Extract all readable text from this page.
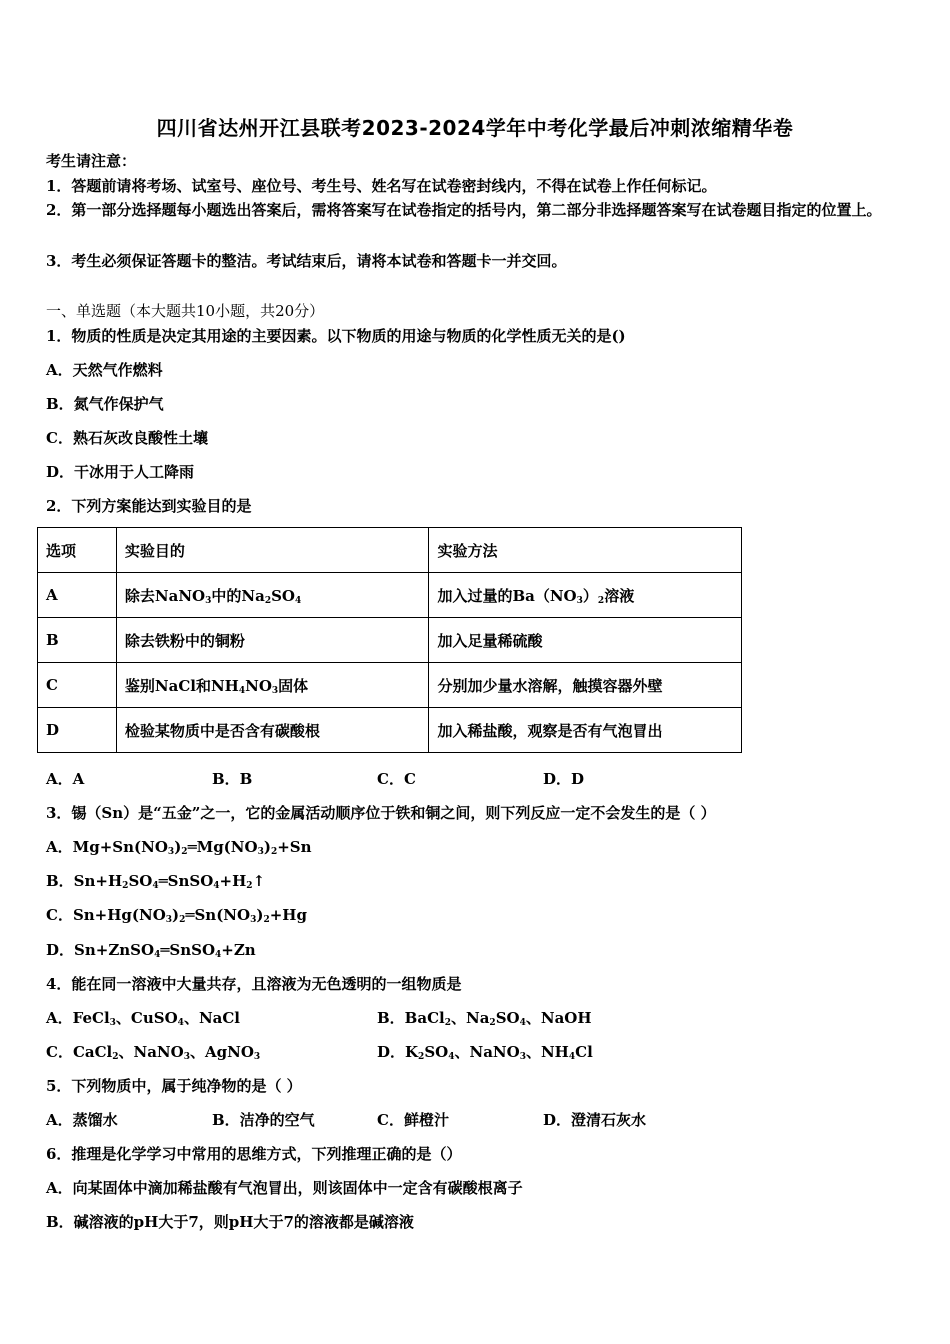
四川省达州开江县联考2023-2024学年中考化学最后冲刺浓缩精华卷
考生请注意：
1．答题前请将考场、试室号、座位号、考生号、姓名写在试卷密封线内，不得在试卷上作任何标记。
2．第一部分选择题每小题选出答案后，需将答案写在试卷指定的括号内，第二部分非选择题答案写在试卷题目指定的位置上。
3．考生必须保证答题卡的整洁。考试结束后，请将本试卷和答题卡一并交回。
一、单选题（本大题共10小题，共20分）
1．物质的性质是决定其用途的主要因素。以下物质的用途与物质的化学性质无关的是()
A．天然气作燃料
B．氮气作保护气
C．熟石灰改良酸性土壤
D．干冰用于人工降雨
2．下列方案能达到实验目的是
选项	实验目的	实验方法
A	除去NaNO$_3$中的$Na_2SO_4$	加入过量的$Ba(NO_3)_2$溶液
B	除去铁粉中的铜粉	加入足量稀硫酸
C	鉴别NaCl和$NH_4NO_3$固体	分别加少量水溶解，触摸容器外壁
D	检验某物质中是否含有碳酸根	加入稀盐酸，观察是否有气泡冒出
A．A	B．B	C．C	D．D
3．锡（Sn）是“五金”之一，它的金属活动顺序位于铁和铜之间，则下列反应一定不会发生的是（ ）
A．$Mg+Sn(NO_3)_2═Mg(NO_3)_2+Sn$
B．$Sn+H_2SO_4═SnSO_4+H_2↑$
C．$Sn+Hg(NO_3)_2═Sn(NO_3)_2+Hg$
D．Sn+ZnSO$_4$═SnSO$_4$+Zn
4．能在同一溶液中大量共存，且溶液为无色透明的一组物质是
A．FeCl$_3$、CuSO$_4$、NaCl	B．BaCl$_2$、$Na_2SO_4$、NaOH
C．CaCl$_2$、NaNO$_3$、AgNO$_3$	D．$K_2SO_4$、NaNO$_3$、$NH_4Cl$
5．下列物质中，属于纯净物的是（ ）
A．蒸馏水	B．洁净的空气	C．鲜橙汁	D．澄清石灰水
6．推理是化学学习中常用的思维方式，下列推理正确的是（）
A．向某固体中滴加稀盐酸有气泡冒出，则该固体中一定含有碳酸根离子
B．碱溶液的pH大于7，则pH大于7的溶液都是碱溶液
